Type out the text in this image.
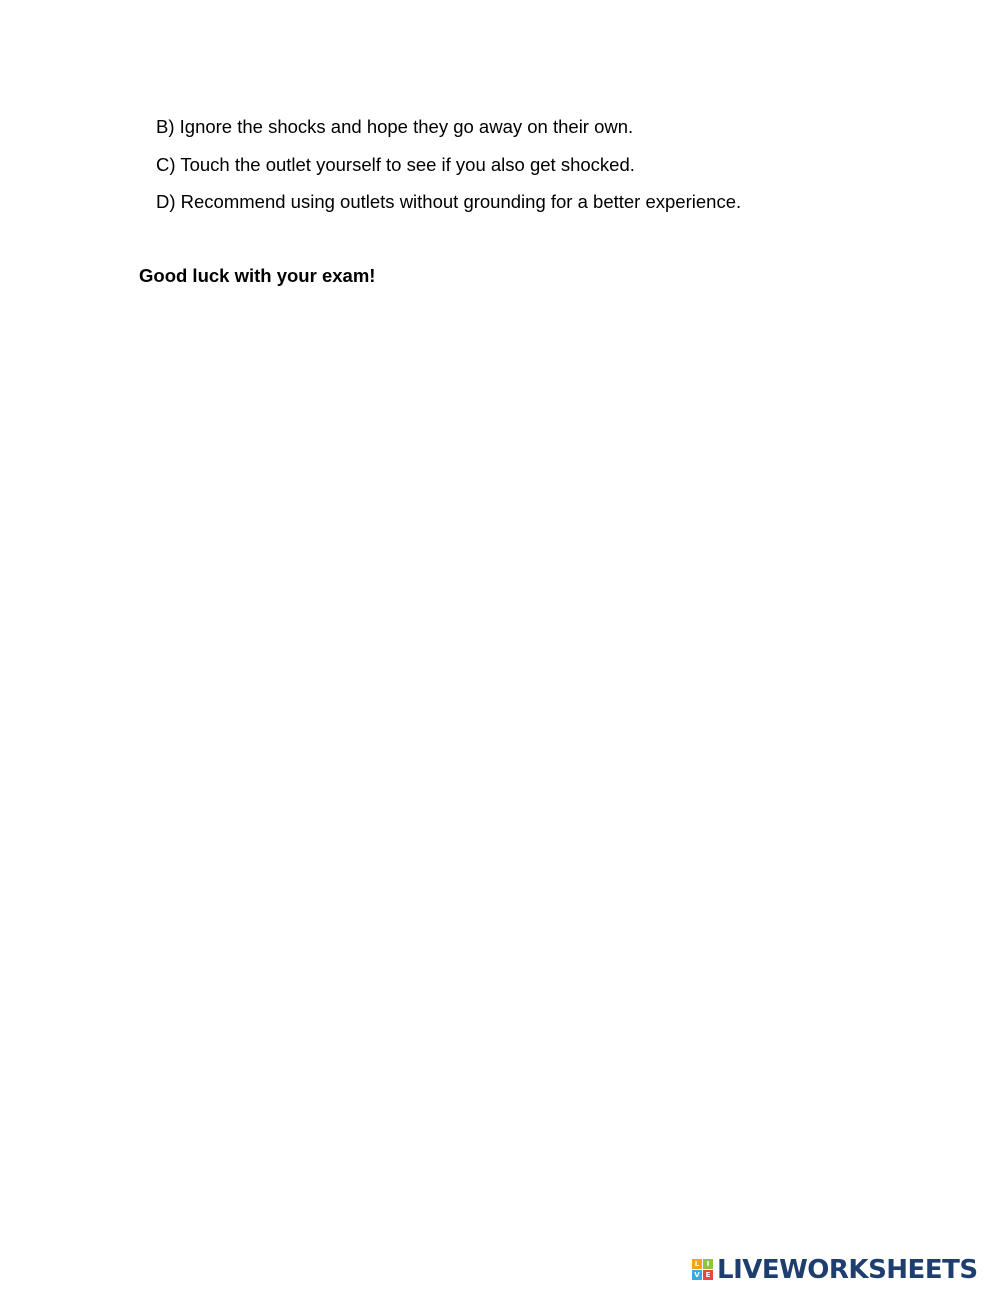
B) Ignore the shocks and hope they go away on their own.
C) Touch the outlet yourself to see if you also get shocked.
D) Recommend using outlets without grounding for a better experience.
Good luck with your exam!
L	I
V E LIVEWORKSHEETS
